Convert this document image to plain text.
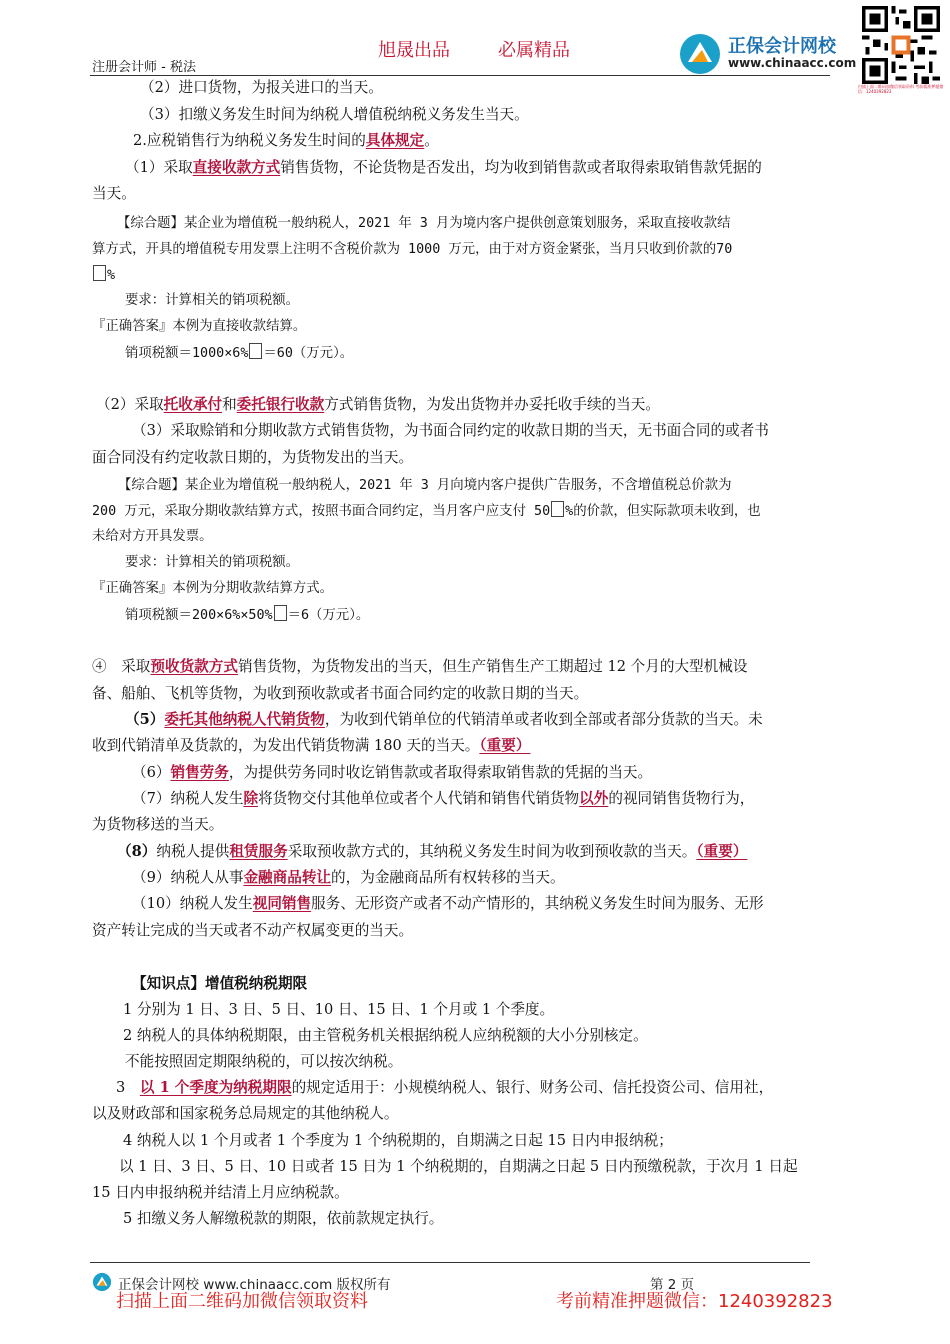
旭晟出品	必属精品
注册会计师 - 税法
正保会计网校
www.chinaacc.com
扫描上面二维码加微信领取资料 考前精准押题微信：1240392823
（2）进口货物，为报关进口的当天。
（3）扣缴义务发生时间为纳税人增值税纳税义务发生当天。
2.应税销售行为纳税义务发生时间的具体规定。
（1）采取直接收款方式销售货物，不论货物是否发出，均为收到销售款或者取得索取销售款凭据的
当天。
【综合题】某企业为增值税一般纳税人，2021 年 3 月为境内客户提供创意策划服务，采取直接收款结
算方式，开具的增值税专用发票上注明不含税价款为 1000 万元，由于对方资金紧张，当月只收到价款的70
%
要求：计算相关的销项税额。
『正确答案』本例为直接收款结算。
销项税额＝1000×6% ＝60（万元）。
（2）采取托收承付和委托银行收款方式销售货物，为发出货物并办妥托收手续的当天。
（3）采取赊销和分期收款方式销售货物，为书面合同约定的收款日期的当天，无书面合同的或者书
面合同没有约定收款日期的，为货物发出的当天。
【综合题】某企业为增值税一般纳税人，2021 年 3 月向境内客户提供广告服务，不含增值税总价款为
200 万元，采取分期收款结算方式，按照书面合同约定，当月客户应支付 50 %的价款，但实际款项未收到，也
未给对方开具发票。
要求：计算相关的销项税额。
『正确答案』本例为分期收款结算方式。
销项税额＝200×6%×50% ＝6（万元）。
④　采取预收货款方式销售货物，为货物发出的当天，但生产销售生产工期超过 12 个月的大型机械设
备、船舶、飞机等货物，为收到预收款或者书面合同约定的收款日期的当天。
（5）委托其他纳税人代销货物，为收到代销单位的代销清单或者收到全部或者部分货款的当天。未
收到代销清单及货款的，为发出代销货物满 180 天的当天。（重要）
（6）销售劳务，为提供劳务同时收讫销售款或者取得索取销售款的凭据的当天。
（7）纳税人发生除将货物交付其他单位或者个人代销和销售代销货物以外的视同销售货物行为，
为货物移送的当天。
（8）纳税人提供租赁服务采取预收款方式的，其纳税义务发生时间为收到预收款的当天。（重要）
（9）纳税人从事金融商品转让的，为金融商品所有权转移的当天。
（10）纳税人发生视同销售服务、无形资产或者不动产情形的，其纳税义务发生时间为服务、无形
资产转让完成的当天或者不动产权属变更的当天。
【知识点】增值税纳税期限
1 分别为 1 日、3 日、5 日、10 日、15 日、1 个月或 1 个季度。
2 纳税人的具体纳税期限，由主管税务机关根据纳税人应纳税额的大小分别核定。
不能按照固定期限纳税的，可以按次纳税。
3　以 1 个季度为纳税期限的规定适用于：小规模纳税人、银行、财务公司、信托投资公司、信用社，
以及财政部和国家税务总局规定的其他纳税人。
4 纳税人以 1 个月或者 1 个季度为 1 个纳税期的，自期满之日起 15 日内申报纳税；
以 1 日、3 日、5 日、10 日或者 15 日为 1 个纳税期的，自期满之日起 5 日内预缴税款，于次月 1 日起
15 日内申报纳税并结清上月应纳税款。
5 扣缴义务人解缴税款的期限，依前款规定执行。
正保会计网校 www.chinaacc.com 版权所有	第 2 页
扫描上面二维码加微信领取资料	考前精准押题微信：1240392823
